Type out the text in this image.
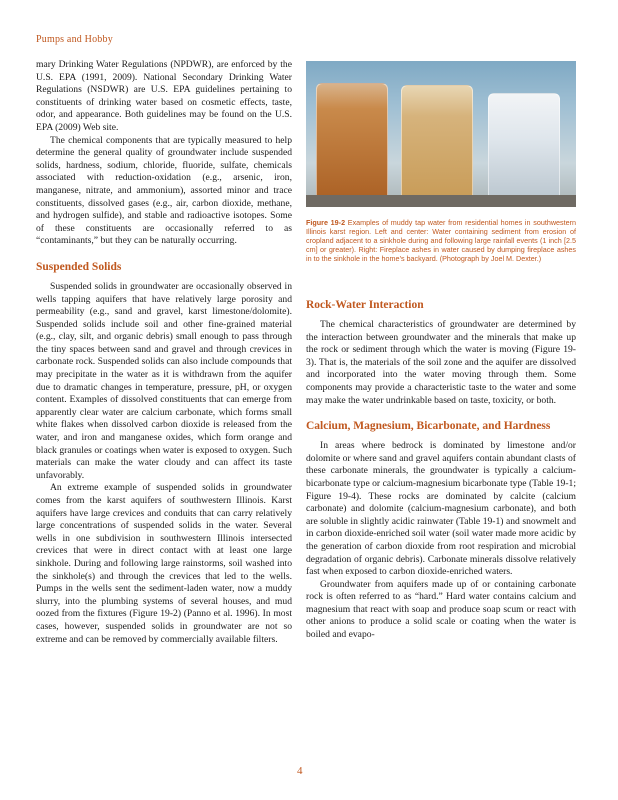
Pumps and Hobby

mary Drinking Water Regulations (NPDWR), are enforced by the U.S. EPA (1991, 2009). National Secondary Drinking Water Regulations (NSDWR) are U.S. EPA guidelines pertaining to constituents of drinking water based on cosmetic effects, taste, odor, and appearance. Both guidelines may be found on the U.S. EPA (2009) Web site.

The chemical components that are typically measured to help determine the general quality of groundwater include suspended solids, hardness, sodium, chloride, fluoride, sulfate, chemicals associated with reduction-oxidation (e.g., arsenic, iron, manganese, nitrate, and ammonium), assorted minor and trace constituents, dissolved gases (e.g., air, carbon dioxide, methane, and hydrogen sulfide), and stable and radioactive isotopes. Some of these constituents are occasionally referred to as “contaminants,” but they can be naturally occurring.

Suspended Solids

Suspended solids in groundwater are occasionally observed in wells tapping aquifers that have relatively large porosity and permeability (e.g., sand and gravel, karst limestone/dolomite). Suspended solids include soil and other fine-grained material (e.g., clay, silt, and organic debris) small enough to pass through the tiny spaces between sand and gravel and through crevices in carbonate rock. Suspended solids can also include compounds that may precipitate in the water as it is withdrawn from the aquifer due to dramatic changes in temperature, pressure, pH, or oxygen content. Examples of dissolved constituents that can emerge from apparently clear water are calcium carbonate, which forms small white flakes when dissolved carbon dioxide is released from the water, and iron and manganese oxides, which form orange and black granules or coatings when water is exposed to oxygen. Such materials can make the water cloudy and can affect its taste unfavorably.

An extreme example of suspended solids in groundwater comes from the karst aquifers of southwestern Illinois. Karst aquifers have large crevices and conduits that can carry relatively large concentrations of suspended solids in the water. Several wells in one subdivision in southwestern Illinois intersected crevices that were in direct contact with at least one large sinkhole. During and following large rainstorms, soil washed into the sinkhole(s) and through the crevices that led to the wells. Pumps in the wells sent the sediment-laden water, now a muddy slurry, into the plumbing systems of several houses, and mud oozed from the fixtures (Figure 19-2) (Panno et al. 1996). In most cases, however, suspended solids in groundwater are not so extreme and can be removed by commercially available filters.

Figure 19-2 Examples of muddy tap water from residential homes in southwestern Illinois karst region. Left and center: Water containing sediment from erosion of cropland adjacent to a sinkhole during and following large rainfall events (1 inch [2.5 cm] or greater). Right: Fireplace ashes in water caused by dumping fireplace ashes in to the sinkhole in the home’s backyard. (Photograph by Joel M. Dexter.)
Rock-Water Interaction

The chemical characteristics of groundwater are determined by the interaction between groundwater and the minerals that make up the rock or sediment through which the water is moving (Figure 19-3). That is, the materials of the soil zone and the aquifer are dissolved and incorporated into the water moving through them. Some components may provide a characteristic taste to the water and some may make the water undrinkable based on taste, toxicity, or both.

Calcium, Magnesium, Bicarbonate, and Hardness

In areas where bedrock is dominated by limestone and/or dolomite or where sand and gravel aquifers contain abundant clasts of these carbonate minerals, the groundwater is typically a calcium-bicarbonate type or calcium-magnesium bicarbonate type (Table 19-1; Figure 19-4). These rocks are dominated by calcite (calcium carbonate) and dolomite (calcium-magnesium carbonate), and both are soluble in slightly acidic rainwater (Table 19-1) and snowmelt and in carbon dioxide-enriched soil water (soil water made more acidic by the generation of carbon dioxide from root respiration and microbial degradation of organic debris). Carbonate minerals dissolve relatively fast when exposed to carbon dioxide-enriched waters.

Groundwater from aquifers made up of or containing carbonate rock is often referred to as “hard.” Hard water contains calcium and magnesium that react with soap and produce soap scum or react with other anions to produce a solid scale or coating when the water is boiled and evapo-

4
